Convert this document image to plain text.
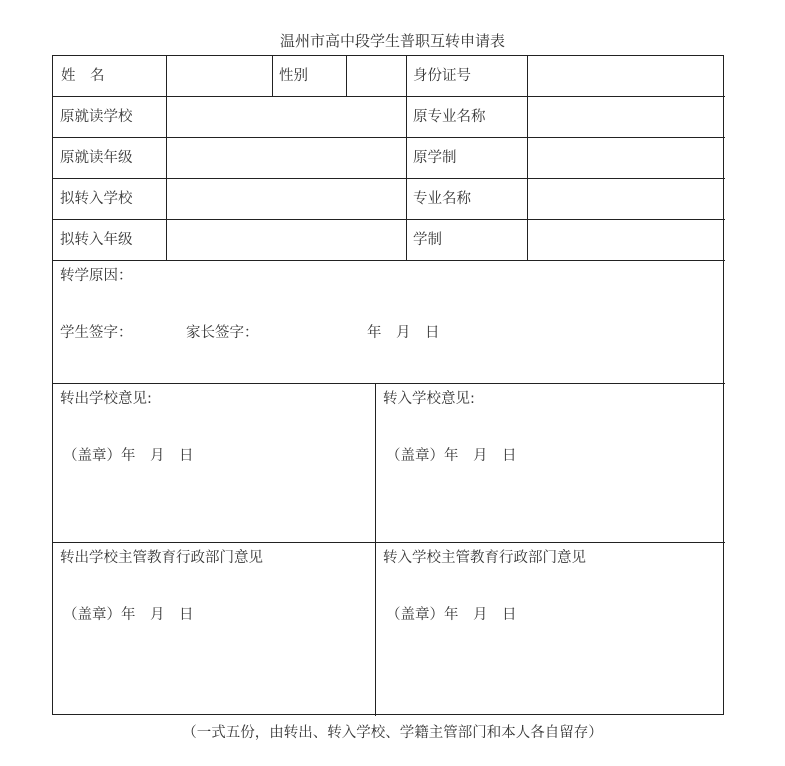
温州市高中段学生普职互转申请表
姓　名	性别	身份证号
原就读学校	原专业名称
原就读年级	原学制
拟转入学校	专业名称
拟转入年级	学制
转学原因：
学生签字：	家长签字：	年　月　日
转出学校意见:
（盖章）年　月　日
转入学校意见:
（盖章）年　月　日
转出学校主管教育行政部门意见
（盖章）年　月　日
转入学校主管教育行政部门意见
（盖章）年　月　日
（一式五份，由转出、转入学校、学籍主管部门和本人各自留存）
